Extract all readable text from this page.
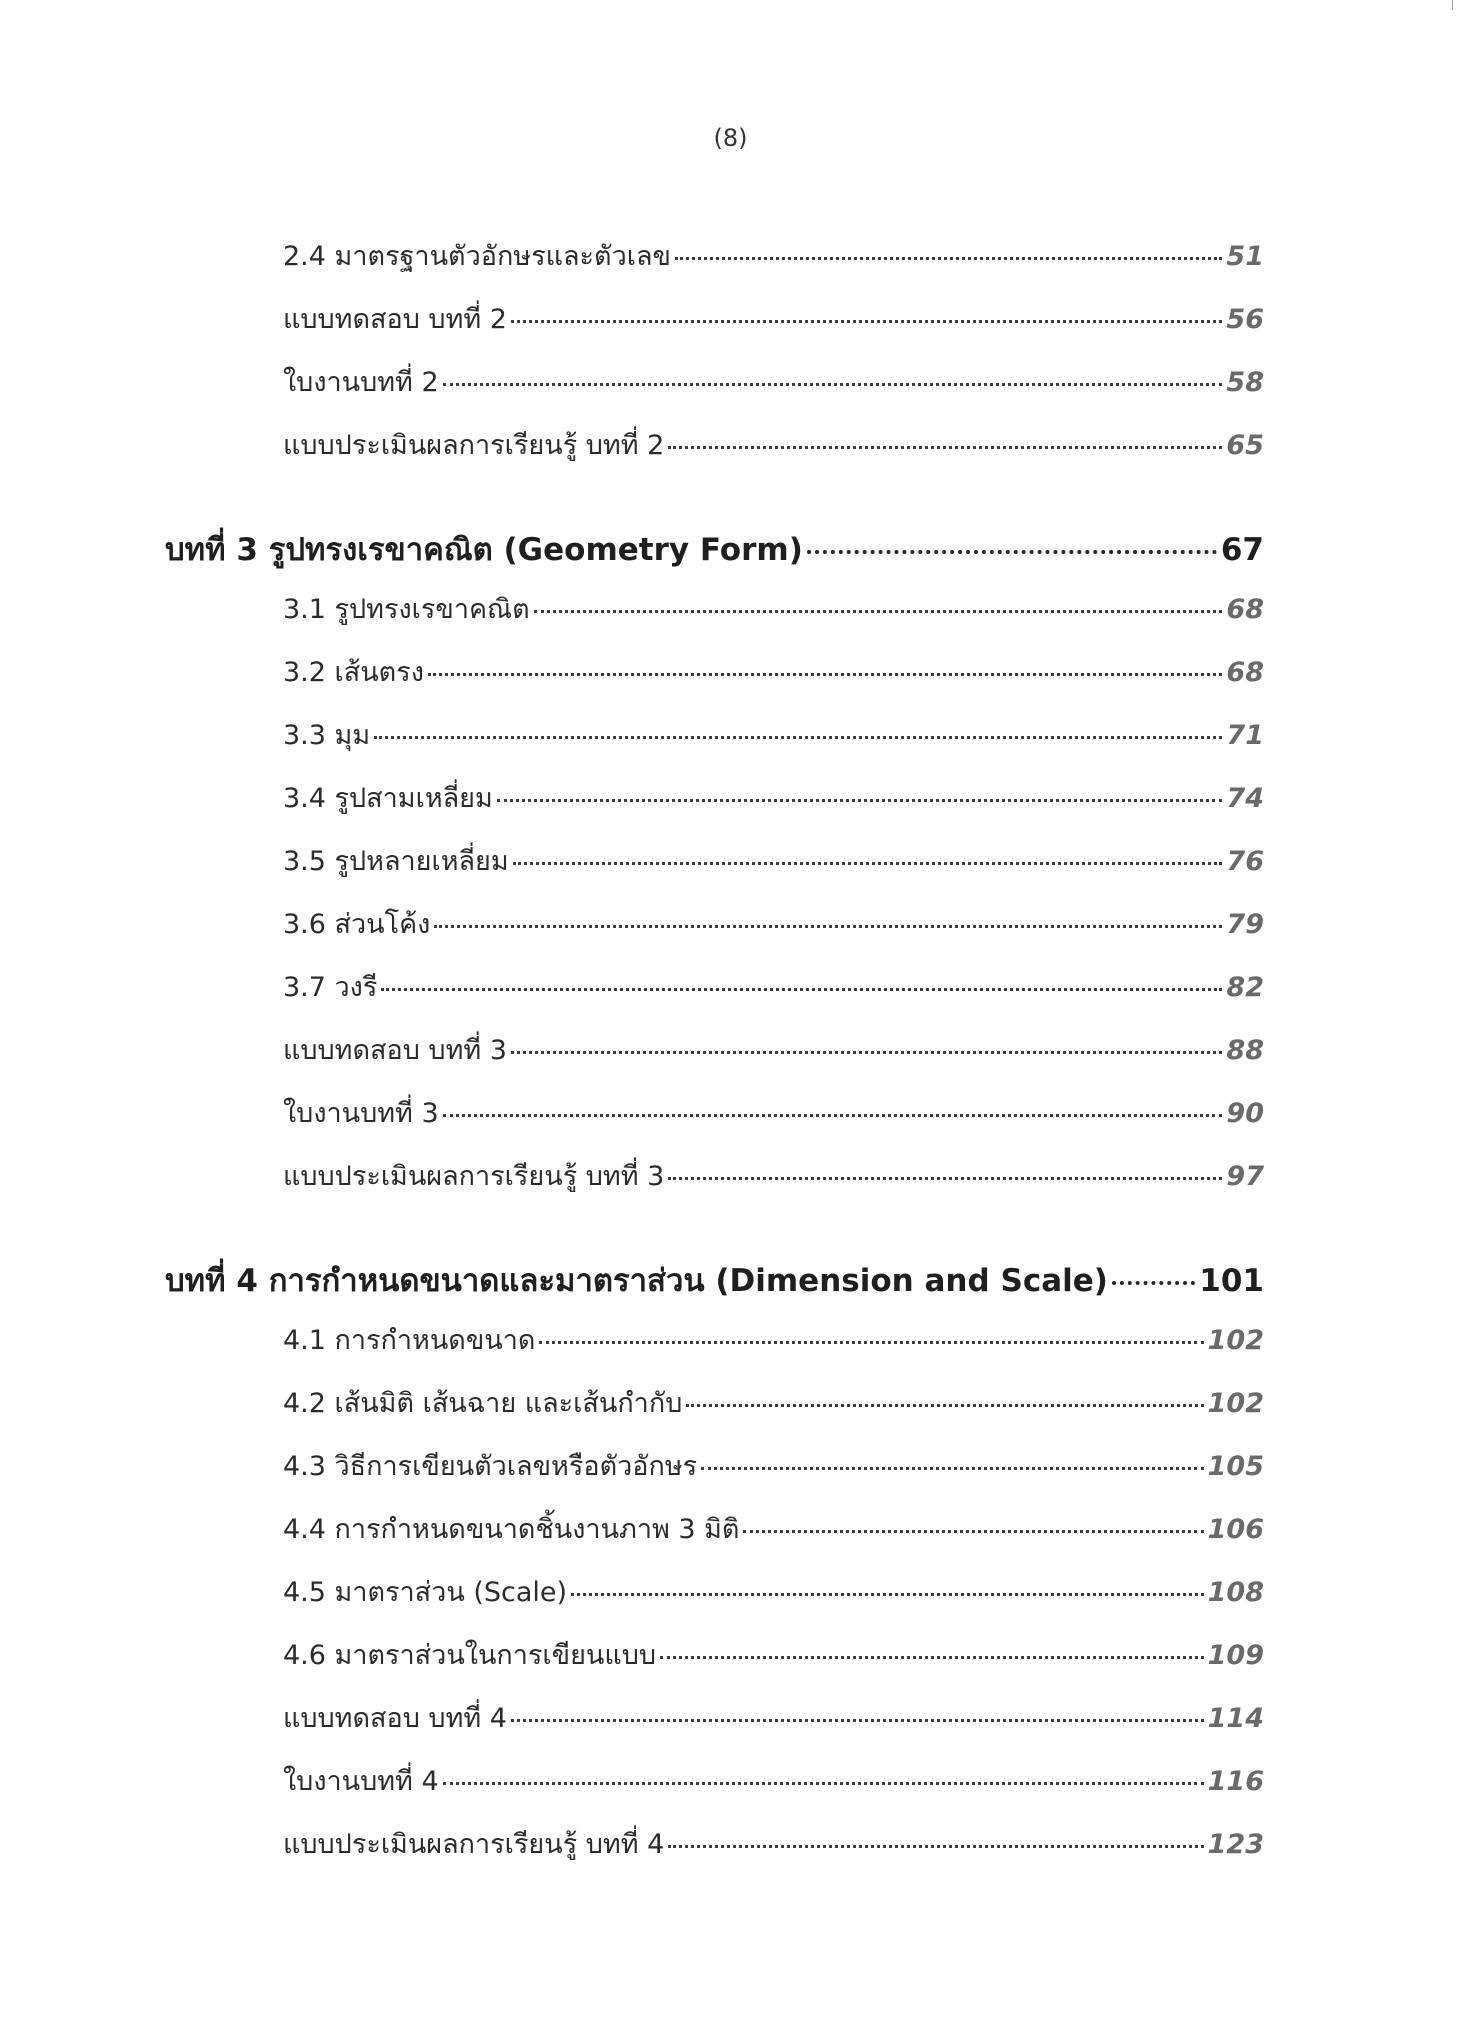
(8)
2.4 มาตรฐานตัวอักษรและตัวเลข	51
แบบทดสอบ บทที่ 2	56
ใบงานบทที่ 2	58
แบบประเมินผลการเรียนรู้ บทที่ 2	65
บทที่ 3 รูปทรงเรขาคณิต (Geometry Form)	67
3.1 รูปทรงเรขาคณิต	68
3.2 เส้นตรง	68
3.3 มุม	71
3.4 รูปสามเหลี่ยม	74
3.5 รูปหลายเหลี่ยม	76
3.6 ส่วนโค้ง	79
3.7 วงรี	82
แบบทดสอบ บทที่ 3	88
ใบงานบทที่ 3	90
แบบประเมินผลการเรียนรู้ บทที่ 3	97
บทที่ 4 การกำหนดขนาดและมาตราส่วน (Dimension and Scale)	101
4.1 การกำหนดขนาด	102
4.2 เส้นมิติ เส้นฉาย และเส้นกำกับ	102
4.3 วิธีการเขียนตัวเลขหรือตัวอักษร	105
4.4 การกำหนดขนาดชิ้นงานภาพ 3 มิติ	106
4.5 มาตราส่วน (Scale)	108
4.6 มาตราส่วนในการเขียนแบบ	109
แบบทดสอบ บทที่ 4	114
ใบงานบทที่ 4	116
แบบประเมินผลการเรียนรู้ บทที่ 4	123
